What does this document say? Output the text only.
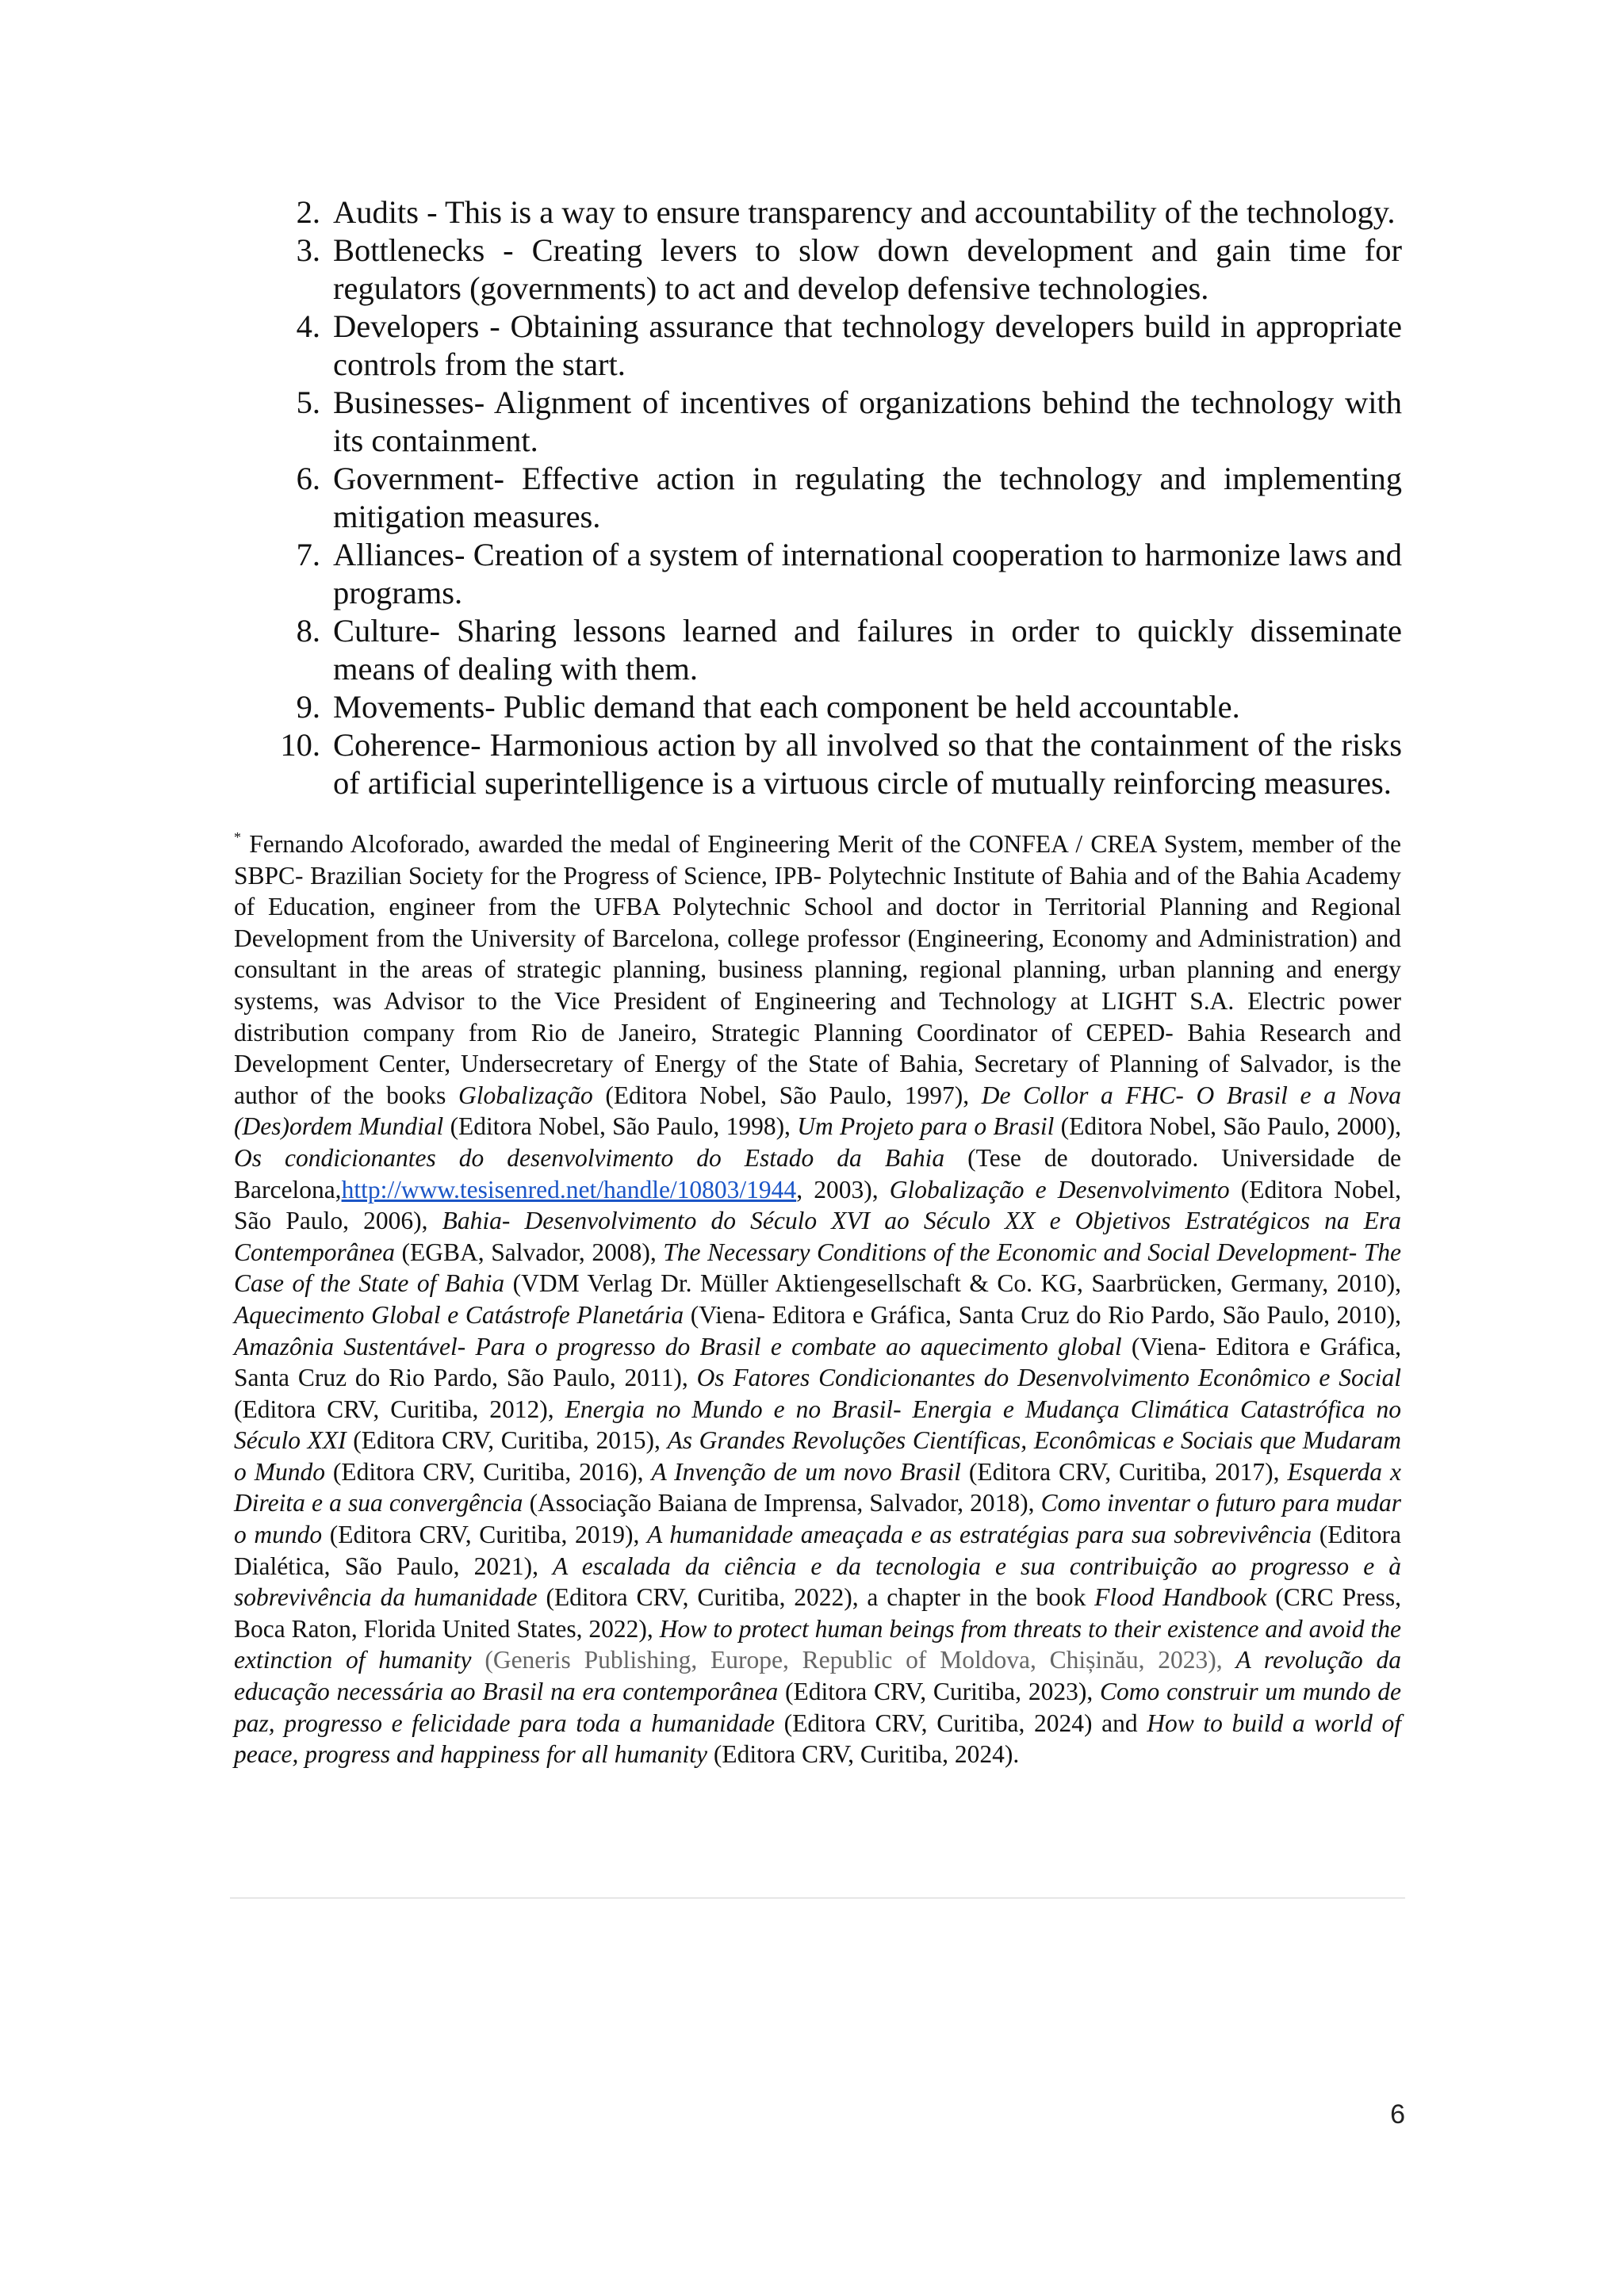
2. Audits - This is a way to ensure transparency and accountability of the technology.
3. Bottlenecks - Creating levers to slow down development and gain time for regulators (governments) to act and develop defensive technologies.
4. Developers - Obtaining assurance that technology developers build in appropriate controls from the start.
5. Businesses- Alignment of incentives of organizations behind the technology with its containment.
6. Government- Effective action in regulating the technology and implementing mitigation measures.
7. Alliances- Creation of a system of international cooperation to harmonize laws and programs.
8. Culture- Sharing lessons learned and failures in order to quickly disseminate means of dealing with them.
9. Movements- Public demand that each component be held accountable.
10. Coherence- Harmonious action by all involved so that the containment of the risks of artificial superintelligence is a virtuous circle of mutually reinforcing measures.

* Fernando Alcoforado, awarded the medal of Engineering Merit of the CONFEA / CREA System, member of the SBPC- Brazilian Society for the Progress of Science, IPB- Polytechnic Institute of Bahia and of the Bahia Academy of Education, engineer from the UFBA Polytechnic School and doctor in Territorial Planning and Regional Development from the University of Barcelona, college professor (Engineering, Economy and Administration) and consultant in the areas of strategic planning, business planning, regional planning, urban planning and energy systems, was Advisor to the Vice President of Engineering and Technology at LIGHT S.A. Electric power distribution company from Rio de Janeiro, Strategic Planning Coordinator of CEPED- Bahia Research and Development Center, Undersecretary of Energy of the State of Bahia, Secretary of Planning of Salvador, is the author of the books Globalização (Editora Nobel, São Paulo, 1997), De Collor a FHC- O Brasil e a Nova (Des)ordem Mundial (Editora Nobel, São Paulo, 1998), Um Projeto para o Brasil (Editora Nobel, São Paulo, 2000), Os condicionantes do desenvolvimento do Estado da Bahia (Tese de doutorado. Universidade de Barcelona,http://www.tesisenred.net/handle/10803/1944, 2003), Globalização e Desenvolvimento (Editora Nobel, São Paulo, 2006), Bahia- Desenvolvimento do Século XVI ao Século XX e Objetivos Estratégicos na Era Contemporânea (EGBA, Salvador, 2008), The Necessary Conditions of the Economic and Social Development- The Case of the State of Bahia (VDM Verlag Dr. Müller Aktiengesellschaft & Co. KG, Saarbrücken, Germany, 2010), Aquecimento Global e Catástrofe Planetária (Viena- Editora e Gráfica, Santa Cruz do Rio Pardo, São Paulo, 2010), Amazônia Sustentável- Para o progresso do Brasil e combate ao aquecimento global (Viena- Editora e Gráfica, Santa Cruz do Rio Pardo, São Paulo, 2011), Os Fatores Condicionantes do Desenvolvimento Econômico e Social (Editora CRV, Curitiba, 2012), Energia no Mundo e no Brasil- Energia e Mudança Climática Catastrófica no Século XXI (Editora CRV, Curitiba, 2015), As Grandes Revoluções Científicas, Econômicas e Sociais que Mudaram o Mundo (Editora CRV, Curitiba, 2016), A Invenção de um novo Brasil (Editora CRV, Curitiba, 2017), Esquerda x Direita e a sua convergência (Associação Baiana de Imprensa, Salvador, 2018), Como inventar o futuro para mudar o mundo (Editora CRV, Curitiba, 2019), A humanidade ameaçada e as estratégias para sua sobrevivência (Editora Dialética, São Paulo, 2021), A escalada da ciência e da tecnologia e sua contribuição ao progresso e à sobrevivência da humanidade (Editora CRV, Curitiba, 2022), a chapter in the book Flood Handbook (CRC Press, Boca Raton, Florida United States, 2022), How to protect human beings from threats to their existence and avoid the extinction of humanity (Generis Publishing, Europe, Republic of Moldova, Chișinău, 2023), A revolução da educação necessária ao Brasil na era contemporânea (Editora CRV, Curitiba, 2023), Como construir um mundo de paz, progresso e felicidade para toda a humanidade (Editora CRV, Curitiba, 2024) and How to build a world of peace, progress and happiness for all humanity (Editora CRV, Curitiba, 2024).

6
